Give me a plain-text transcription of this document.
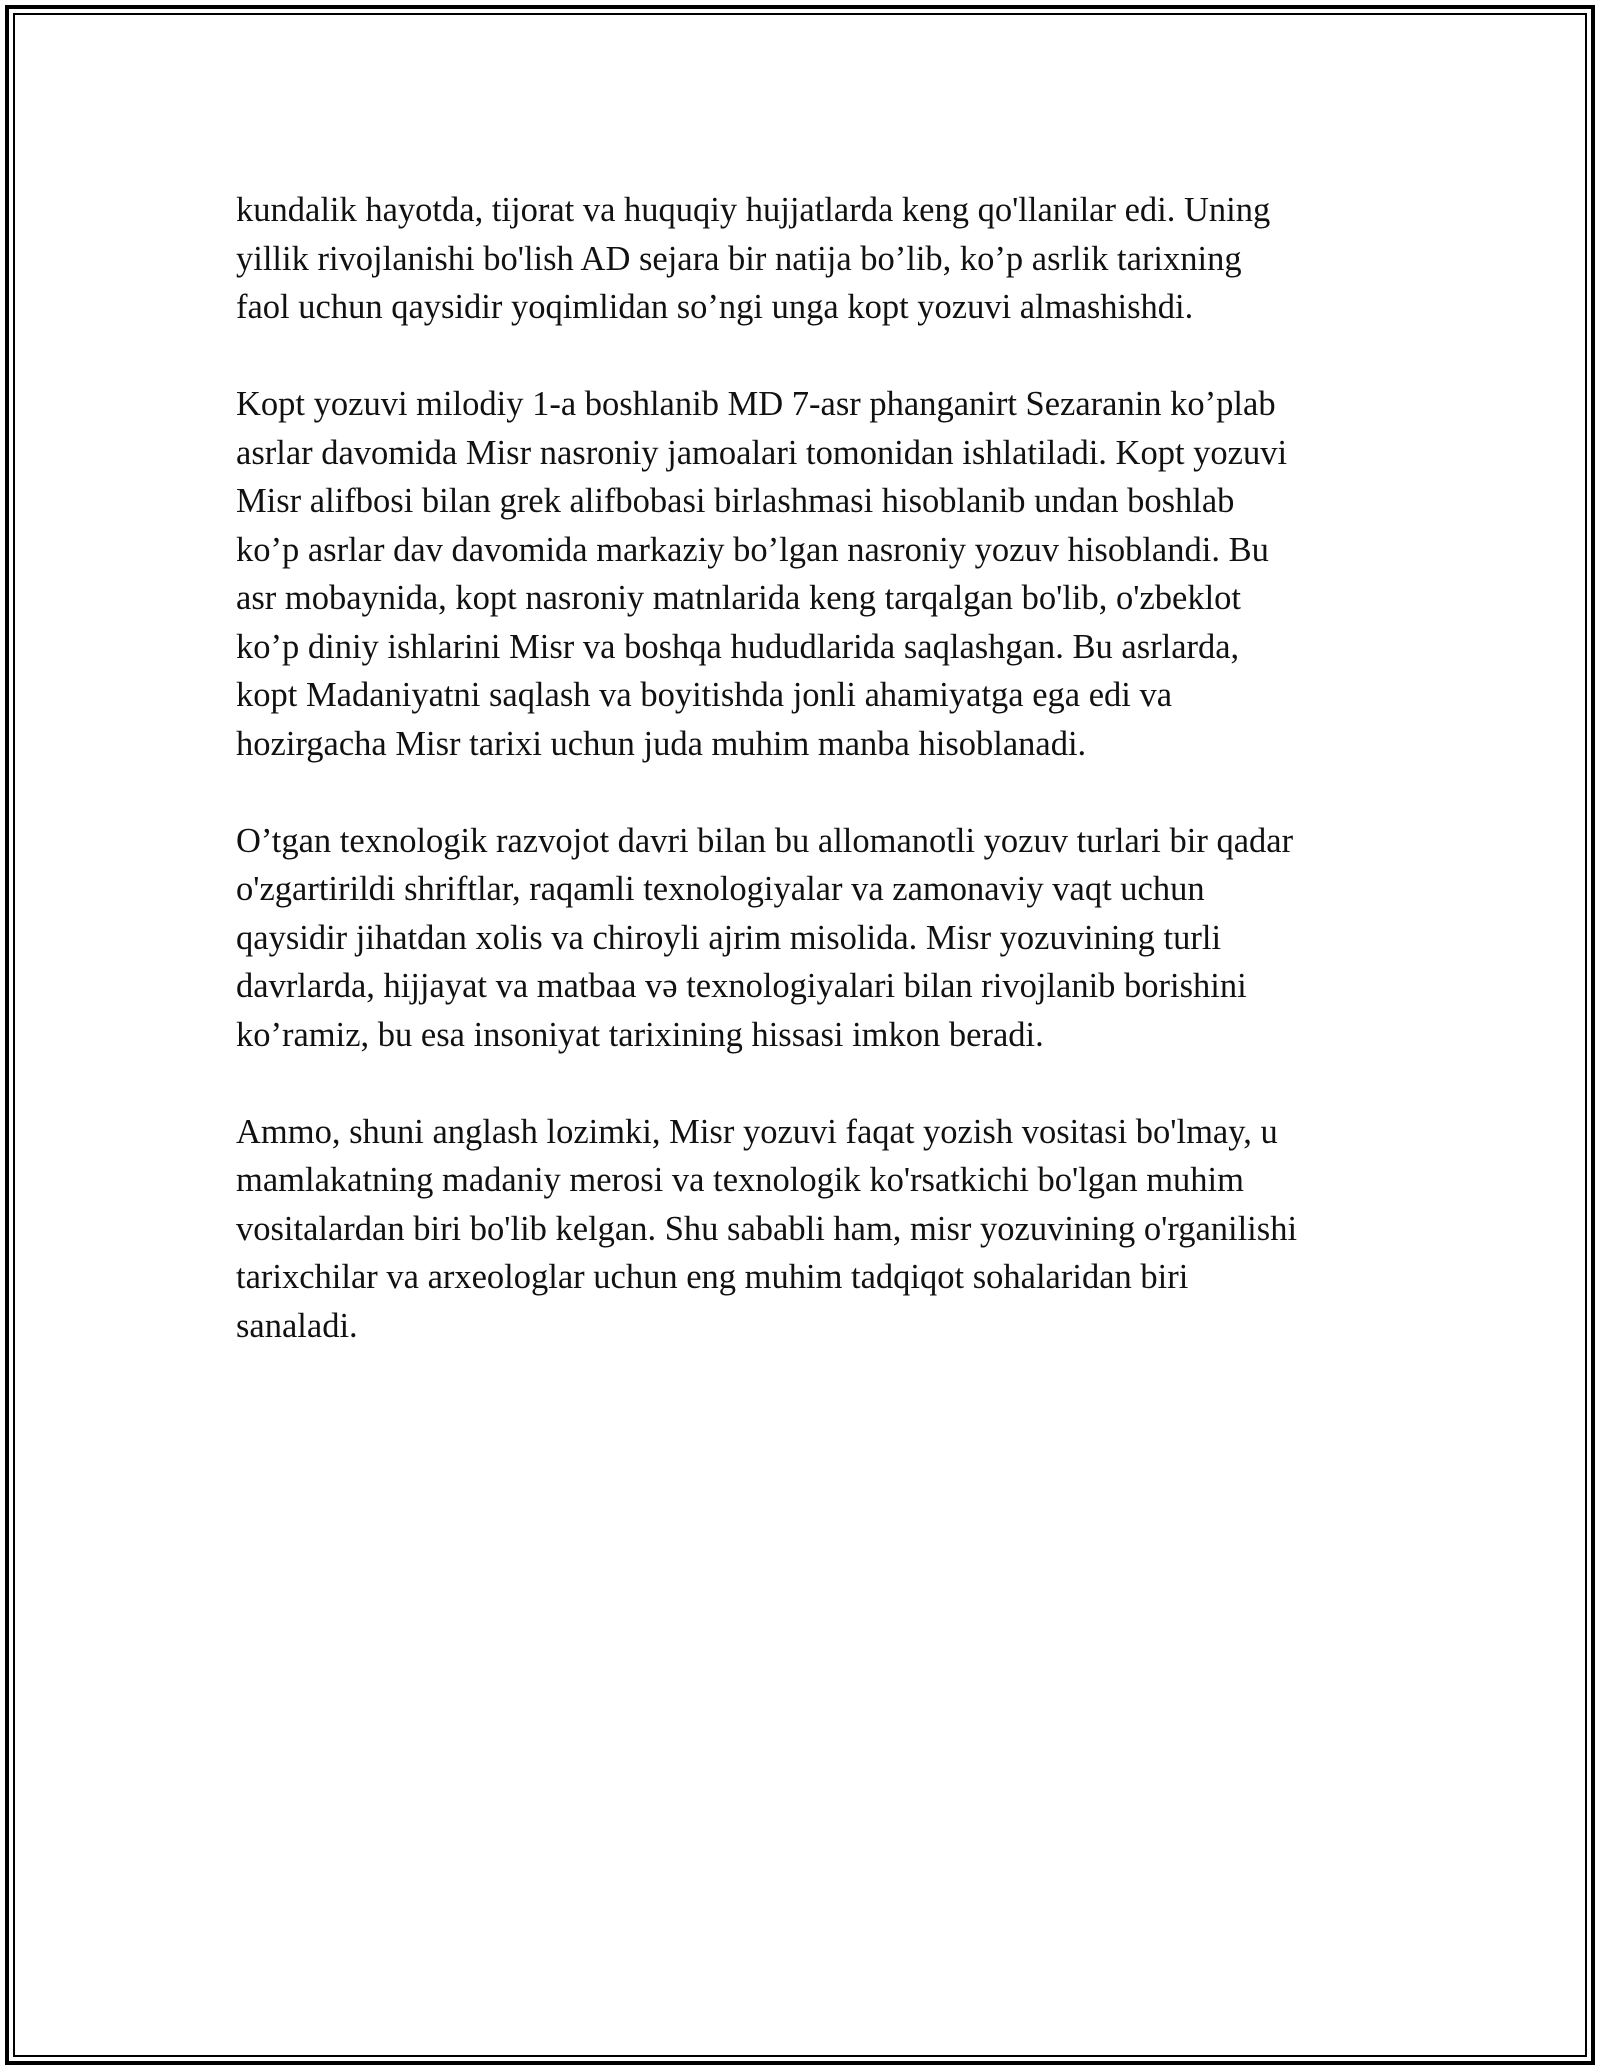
kundalik hayotda, tijorat va huquqiy hujjatlarda keng qo'llanilar edi. Uning
yillik rivojlanishi bo'lish AD sejara bir natija bo’lib, ko’p asrlik tarixning
faol uchun qaysidir yoqimlidan so’ngi unga kopt yozuvi almashishdi.

Kopt yozuvi milodiy 1-a boshlanib MD 7-asr phanganirt Sezaranin ko’plab
asrlar davomida Misr nasroniy jamoalari tomonidan ishlatiladi. Kopt yozuvi
Misr alifbosi bilan grek alifbobasi birlashmasi hisoblanib undan boshlab
ko’p asrlar dav davomida markaziy bo’lgan nasroniy yozuv hisoblandi. Bu
asr mobaynida, kopt nasroniy matnlarida keng tarqalgan bo'lib, o'zbeklot
ko’p diniy ishlarini Misr va boshqa hududlarida saqlashgan. Bu asrlarda,
kopt Madaniyatni saqlash va boyitishda jonli ahamiyatga ega edi va
hozirgacha Misr tarixi uchun juda muhim manba hisoblanadi.

O’tgan texnologik razvojot davri bilan bu allomanotli yozuv turlari bir qadar
o'zgartirildi shriftlar, raqamli texnologiyalar va zamonaviy vaqt uchun
qaysidir jihatdan xolis va chiroyli ajrim misolida. Misr yozuvining turli
davrlarda, hijjayat va matbaa və texnologiyalari bilan rivojlanib borishini
ko’ramiz, bu esa insoniyat tarixining hissasi imkon beradi.

Ammo, shuni anglash lozimki, Misr yozuvi faqat yozish vositasi bo'lmay, u
mamlakatning madaniy merosi va texnologik ko'rsatkichi bo'lgan muhim
vositalardan biri bo'lib kelgan. Shu sababli ham, misr yozuvining o'rganilishi
tarixchilar va arxeologlar uchun eng muhim tadqiqot sohalaridan biri
sanaladi.
